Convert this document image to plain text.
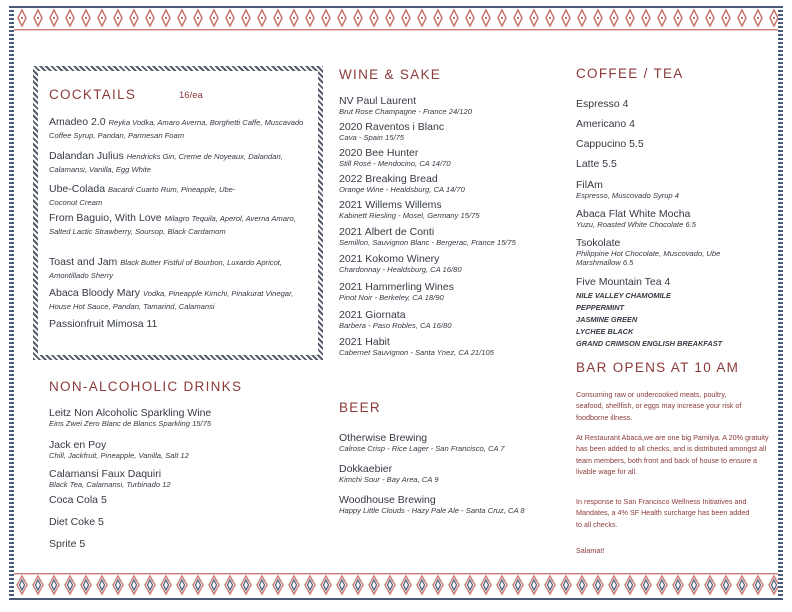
COCKTAILS	16/ea
Amadeo 2.0 Reyka Vodka, Amaro Averna, Borghetti Caffe, Muscavado Coffee Syrup, Pandan, Parmesan Foam
Dalandan Julius Hendricks Gin, Creme de Noyeaux, Dalandan, Calamansi, Vanilla, Egg White
Ube-Colada Bacardi Cuarto Rum, Pineapple, Ube-Coconut Cream
From Baguio, With Love Milagro Tequila, Aperol, Averna Amaro, Salted Lactic Strawberry, Soursop, Black Cardamom
Toast and Jam Black Butter Fistful of Bourbon, Luxardo Apricot, Amontillado Sherry
Abaca Bloody Mary Vodka, Pineapple Kimchi, Pinakurat Vinegar, House Hot Sauce, Pandan, Tamarind, Calamansi
Passionfruit Mimosa 11
NON-ALCOHOLIC DRINKS
Leitz Non Alcoholic Sparkling Wine
Eins Zwei Zero Blanc de Blancs Sparkling 15/75
Jack en Poy
Chill, Jackfruit, Pineapple, Vanilla, Salt 12
Calamansi Faux Daquiri
Black Tea, Calamansi, Turbinado 12
Coca Cola 5
Diet Coke 5
Sprite 5
WINE & SAKE
NV Paul Laurent
Brut Rose Champagne - France 24/120
2020 Raventos i Blanc
Cava - Spain 15/75
2020 Bee Hunter
Still Rosé - Mendocino, CA 14/70
2022 Breaking Bread
Orange Wine - Healdsburg, CA 14/70
2021 Willems Willems
Kabinett Riesling - Mosel, Germany 15/75
2021 Albert de Conti
Semillon, Sauvignon Blanc - Bergerac, France 15/75
2021 Kokomo Winery
Chardonnay - Healdsburg, CA 16/80
2021 Hammerling Wines
Pinot Noir - Berkeley, CA 18/90
2021 Giornata
Barbera - Paso Robles, CA 16/80
2021 Habit
Cabernet Sauvignon - Santa Ynez, CA 21/105
BEER
Otherwise Brewing
Calrose Crisp - Rice Lager - San Francisco, CA 7
Dokkaebier
Kimchi Sour - Bay Area, CA 9
Woodhouse Brewing
Happy Little Clouds - Hazy Pale Ale - Santa Cruz, CA 8
COFFEE / TEA
Espresso 4
Americano 4
Cappucino 5.5
Latte 5.5
FilAm
Espresso, Muscovado Syrup 4
Abaca Flat White Mocha
Yuzu, Roasted White Chocolate 6.5
Tsokolate
Philippine Hot Chocolate, Muscovado, Ube Marshmallow 6.5
Five Mountain Tea 4
NILE VALLEY CHAMOMILE
PEPPERMINT
JASMINE GREEN
LYCHEE BLACK
GRAND CRIMSON ENGLISH BREAKFAST
BAR OPENS AT 10 AM

Consuming raw or undercooked meats, poultry, seafood, shellfish, or eggs may increase your risk of foodborne illness.

At Restaurant Abacá,we are one big Pamilya. A 20% gratuity has been added to all checks, and is distributed amongst all team members, both front and back of house to ensure a livable wage for all.

In response to San Francisco Wellness Initiatives and Mandates, a 4% SF Health surcharge has been added to all checks.

Salamat!
